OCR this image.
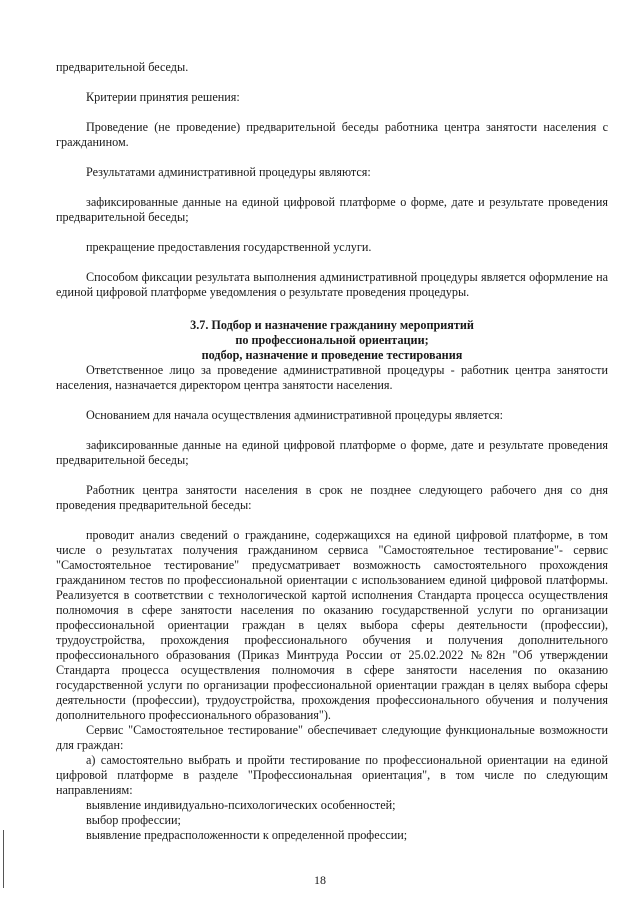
предварительной беседы.

Критерии принятия решения:

Проведение (не проведение) предварительной беседы работника центра занятости населения с гражданином.

Результатами административной процедуры являются:

зафиксированные данные на единой цифровой платформе о форме, дате и результате проведения предварительной беседы;

прекращение предоставления государственной услуги.

Способом фиксации результата выполнения административной процедуры является оформление на единой цифровой платформе уведомления о результате проведения процедуры.

3.7. Подбор и назначение гражданину мероприятий
по профессиональной ориентации;
подбор, назначение и проведение тестирования

Ответственное лицо за проведение административной процедуры - работник центра занятости населения, назначается директором центра занятости населения.

Основанием для начала осуществления административной процедуры является:

зафиксированные данные на единой цифровой платформе о форме, дате и результате проведения предварительной беседы;

Работник центра занятости населения в срок не позднее следующего рабочего дня со дня проведения предварительной беседы:

проводит анализ сведений о гражданине, содержащихся на единой цифровой платформе, в том числе о результатах получения гражданином сервиса "Самостоятельное тестирование"- сервис "Самостоятельное тестирование" предусматривает возможность самостоятельного прохождения гражданином тестов по профессиональной ориентации с использованием единой цифровой платформы. Реализуется в соответствии с технологической картой исполнения Стандарта процесса осуществления полномочия в сфере занятости населения по оказанию государственной услуги по организации профессиональной ориентации граждан в целях выбора сферы деятельности (профессии), трудоустройства, прохождения профессионального обучения и получения дополнительного профессионального образования (Приказ Минтруда России от 25.02.2022 №82н "Об утверждении Стандарта процесса осуществления полномочия в сфере занятости населения по оказанию государственной услуги по организации профессиональной ориентации граждан в целях выбора сферы деятельности (профессии), трудоустройства, прохождения профессионального обучения и получения дополнительного профессионального образования").

Сервис "Самостоятельное тестирование" обеспечивает следующие функциональные возможности для граждан:

а) самостоятельно выбрать и пройти тестирование по профессиональной ориентации на единой цифровой платформе в разделе "Профессиональная ориентация", в том числе по следующим направлениям:

выявление индивидуально-психологических особенностей;

выбор профессии;

выявление предрасположенности к определенной профессии;

18
